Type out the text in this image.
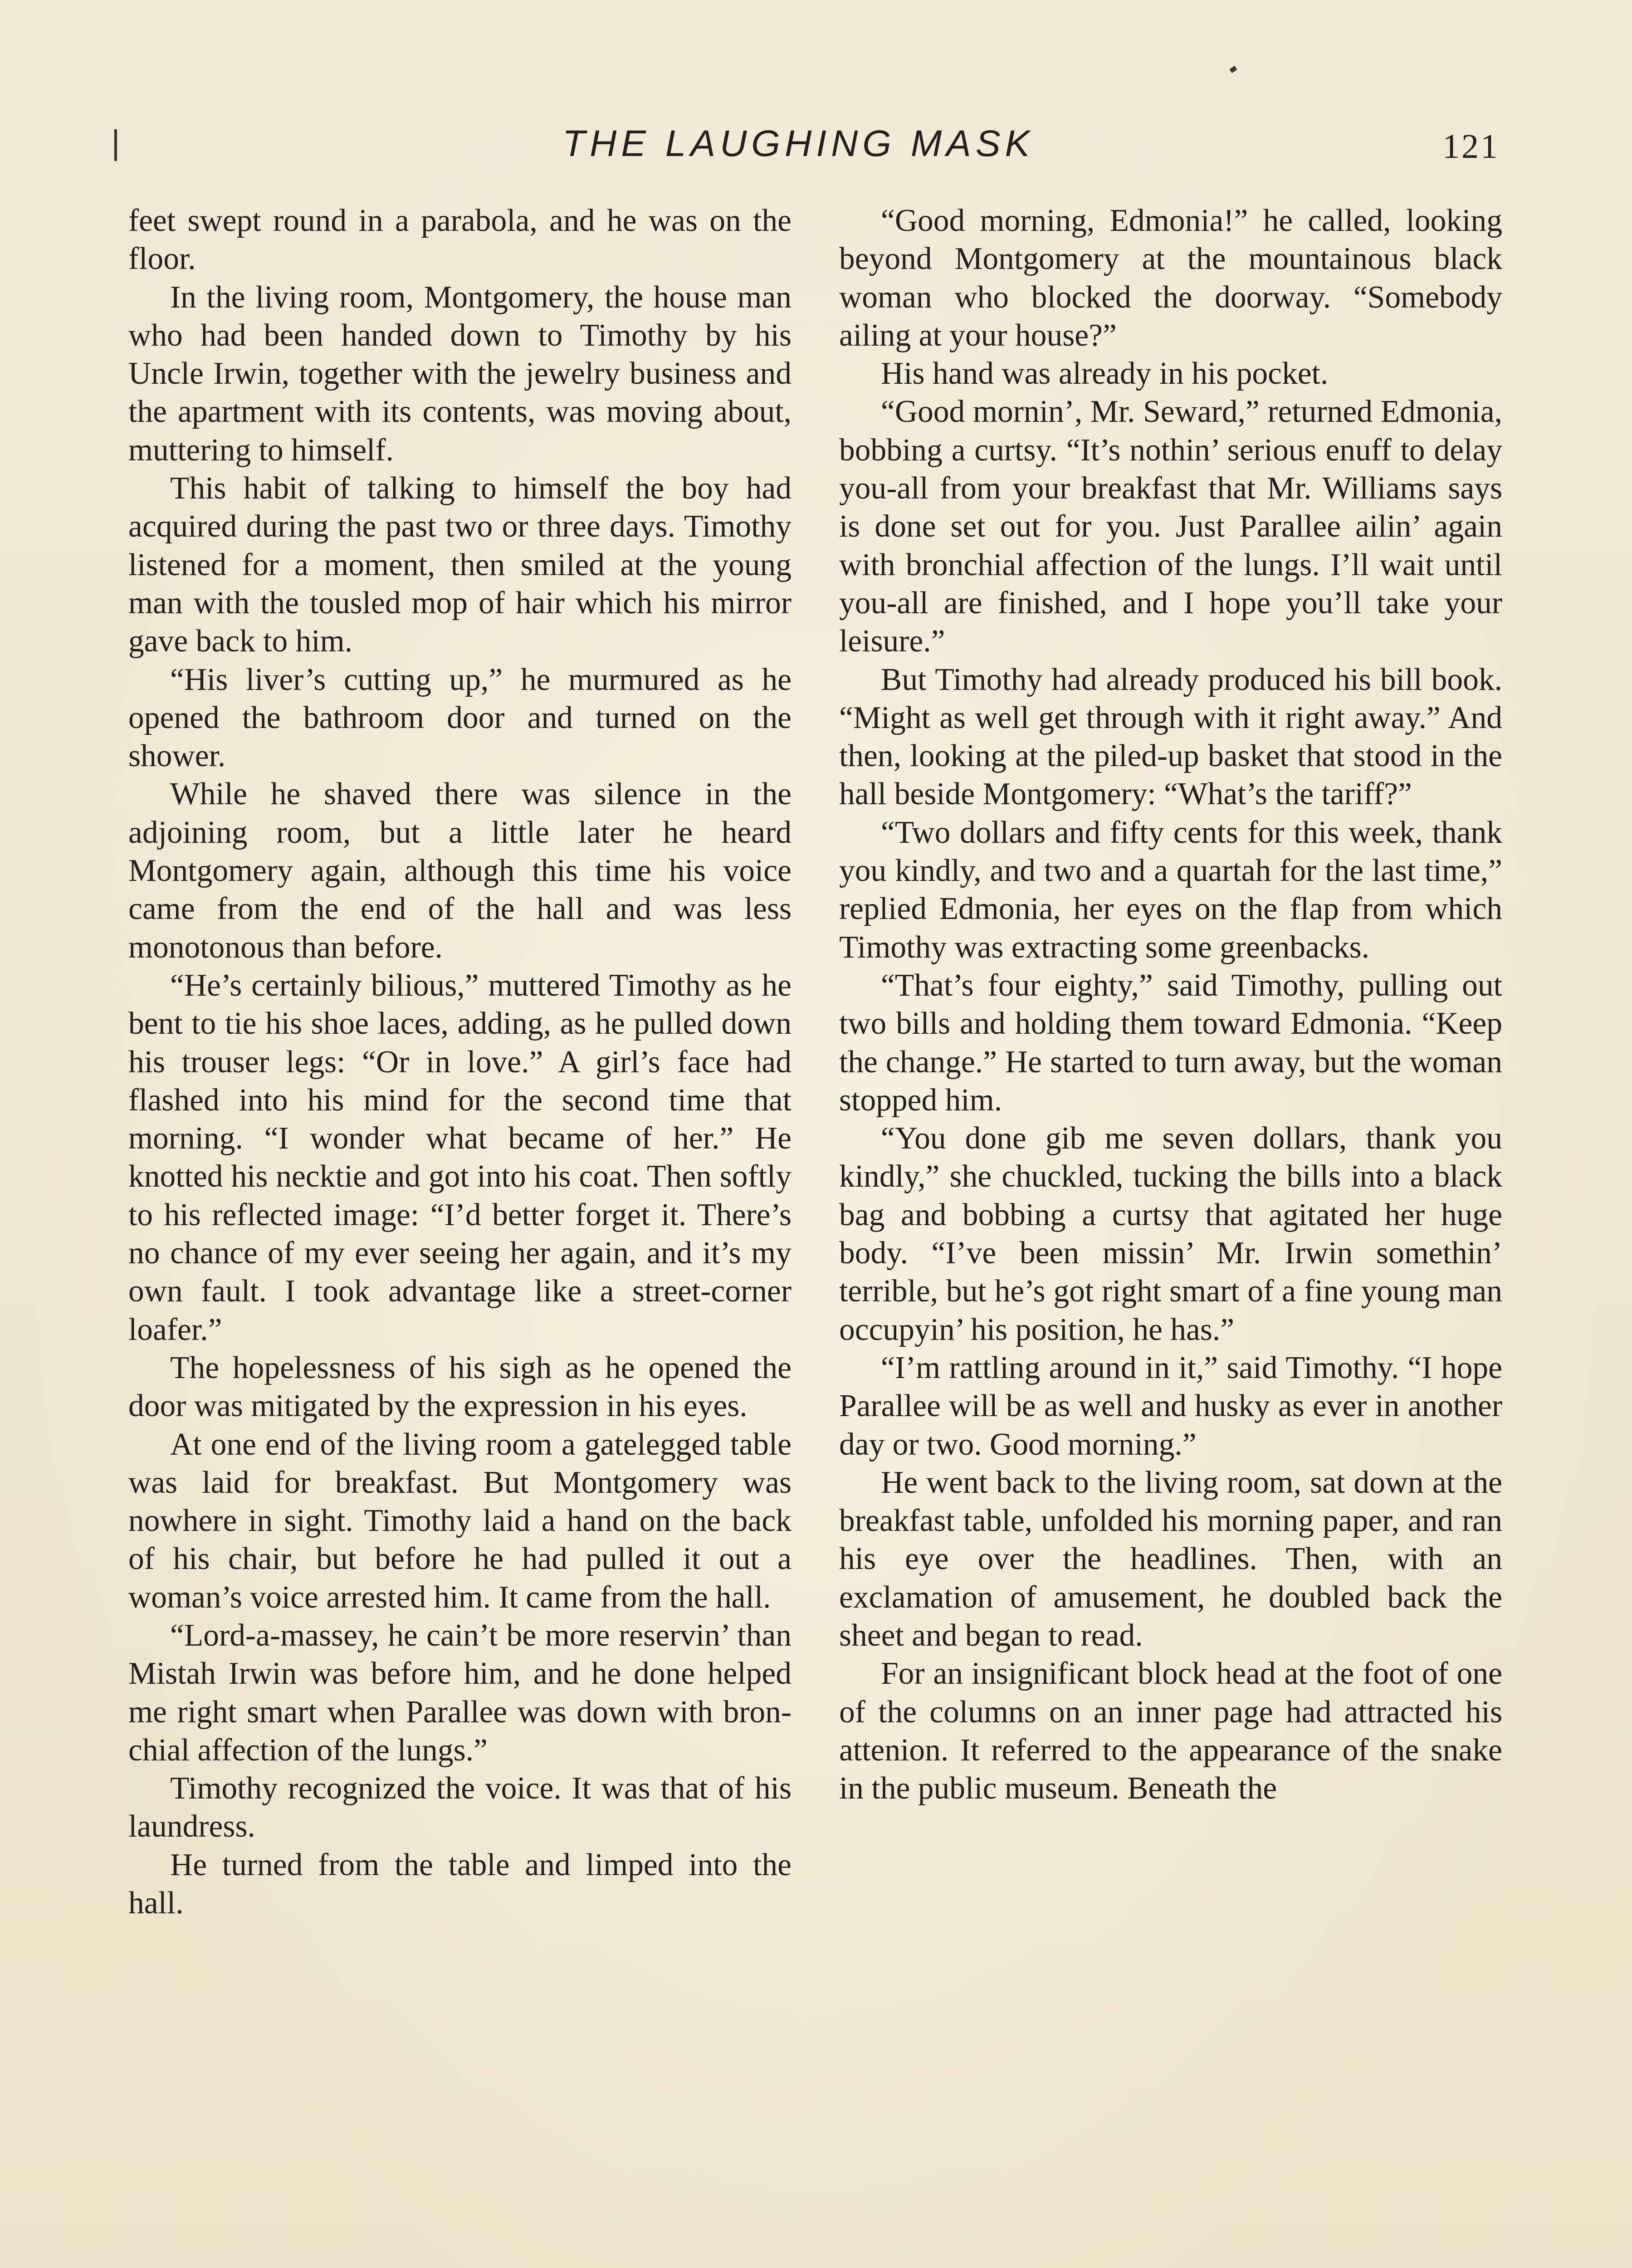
THE LAUGHING MASK	121

feet swept round in a parabola, and he was on the floor.

In the living room, Montgomery, the house man who had been handed down to Timothy by his Uncle Irwin, together with the jewelry business and the apartment with its contents, was moving about, muttering to himself.

This habit of talking to himself the boy had acquired during the past two or three days. Timothy listened for a moment, then smiled at the young man with the tousled mop of hair which his mirror gave back to him.

“His liver’s cutting up,” he murmured as he opened the bathroom door and turned on the shower.

While he shaved there was silence in the adjoining room, but a little later he heard Montgomery again, although this time his voice came from the end of the hall and was less monotonous than before.

“He’s certainly bilious,” muttered Timothy as he bent to tie his shoe laces, adding, as he pulled down his trouser legs: “Or in love.” A girl’s face had flashed into his mind for the second time that morning. “I wonder what became of her.” He knotted his necktie and got into his coat. Then softly to his reflected image: “I’d better forget it. There’s no chance of my ever seeing her again, and it’s my own fault. I took advantage like a street-corner loafer.”

The hopelessness of his sigh as he opened the door was mitigated by the expression in his eyes.

At one end of the living room a gatelegged table was laid for breakfast. But Montgomery was nowhere in sight. Timothy laid a hand on the back of his chair, but before he had pulled it out a woman’s voice arrested him. It came from the hall.

“Lord-a-massey, he cain’t be more reservin’ than Mistah Irwin was before him, and he done helped me right smart when Parallee was down with bronchial affection of the lungs.”

Timothy recognized the voice. It was that of his laundress.

He turned from the table and limped into the hall.

“Good morning, Edmonia!” he called, looking beyond Montgomery at the mountainous black woman who blocked the doorway. “Somebody ailing at your house?”

His hand was already in his pocket.

“Good mornin’, Mr. Seward,” returned Edmonia, bobbing a curtsy. “It’s nothin’ serious enuff to delay you-all from your breakfast that Mr. Williams says is done set out for you. Just Parallee ailin’ again with bronchial affection of the lungs. I’ll wait until you-all are finished, and I hope you’ll take your leisure.”

But Timothy had already produced his bill book. “Might as well get through with it right away.” And then, looking at the piled-up basket that stood in the hall beside Montgomery: “What’s the tariff?”

“Two dollars and fifty cents for this week, thank you kindly, and two and a quartah for the last time,” replied Edmonia, her eyes on the flap from which Timothy was extracting some greenbacks.

“That’s four eighty,” said Timothy, pulling out two bills and holding them toward Edmonia. “Keep the change.” He started to turn away, but the woman stopped him.

“You done gib me seven dollars, thank you kindly,” she chuckled, tucking the bills into a black bag and bobbing a curtsy that agitated her huge body. “I’ve been missin’ Mr. Irwin somethin’ terrible, but he’s got right smart of a fine young man occupyin’ his position, he has.”

“I’m rattling around in it,” said Timothy. “I hope Parallee will be as well and husky as ever in another day or two. Good morning.”

He went back to the living room, sat down at the breakfast table, unfolded his morning paper, and ran his eye over the headlines. Then, with an exclamation of amusement, he doubled back the sheet and began to read.

For an insignificant block head at the foot of one of the columns on an inner page had attracted his attenion. It referred to the appearance of the snake in the public museum. Beneath the
